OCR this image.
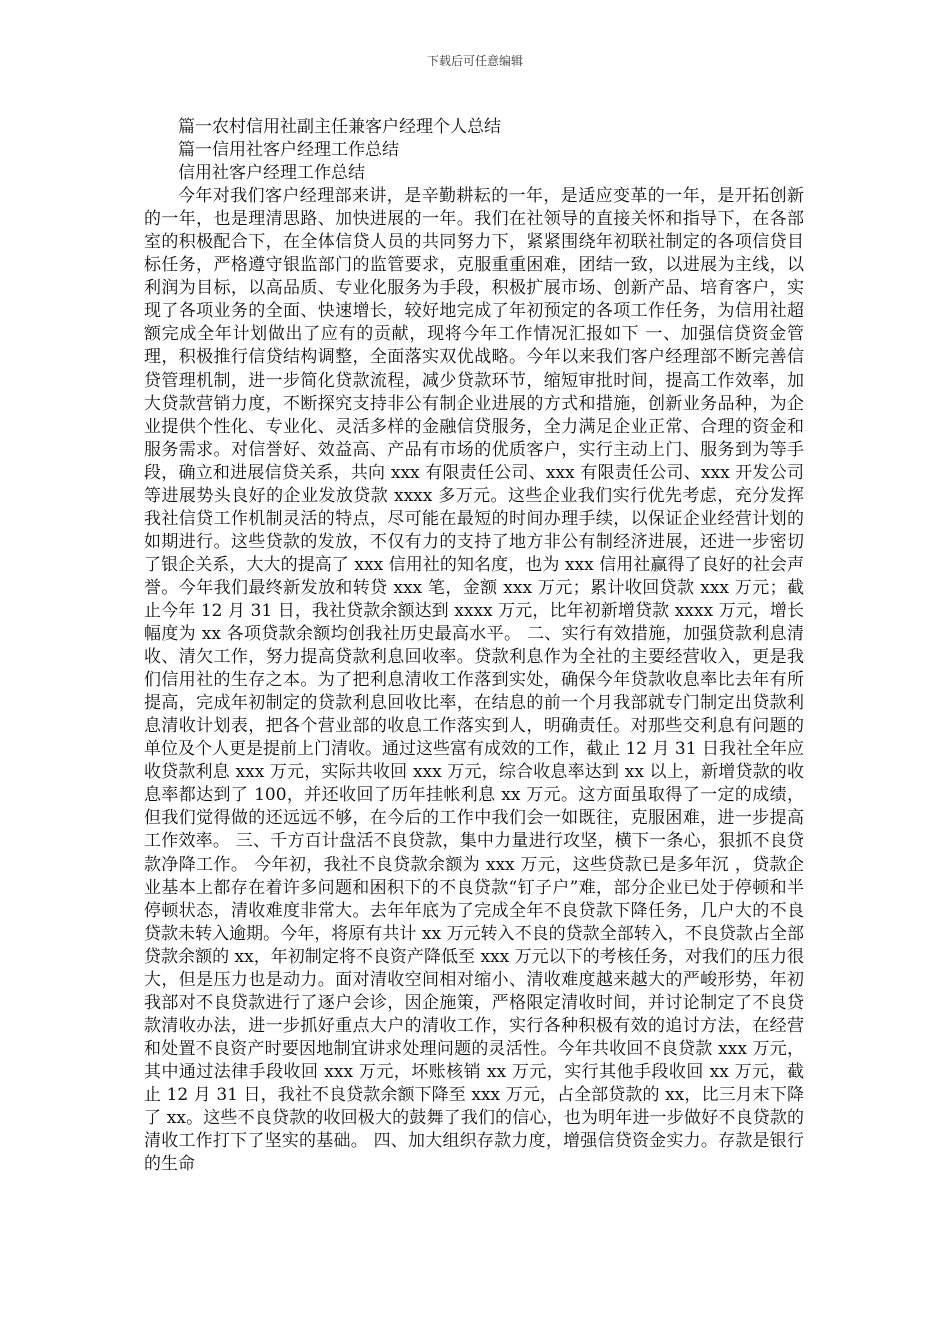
下载后可任意编辑
篇一农村信用社副主任兼客户经理个人总结
篇一信用社客户经理工作总结
信用社客户经理工作总结

今年对我们客户经理部来讲，是辛勤耕耘的一年，是适应变革的一年，是开拓创新的一年，也是理清思路、加快进展的一年。我们在社领导的直接关怀和指导下，在各部室的积极配合下，在全体信贷人员的共同努力下，紧紧围绕年初联社制定的各项信贷目标任务，严格遵守银监部门的监管要求，克服重重困难，团结一致，以进展为主线，以利润为目标，以高品质、专业化服务为手段，积极扩展市场、创新产品、培育客户，实现了各项业务的全面、快速增长，较好地完成了年初预定的各项工作任务，为信用社超额完成全年计划做出了应有的贡献，现将今年工作情况汇报如下 一、加强信贷资金管理，积极推行信贷结构调整，全面落实双优战略。今年以来我们客户经理部不断完善信贷管理机制，进一步简化贷款流程，减少贷款环节，缩短审批时间，提高工作效率，加大贷款营销力度，不断探究支持非公有制企业进展的方式和措施，创新业务品种，为企业提供个性化、专业化、灵活多样的金融信贷服务，全力满足企业正常、合理的资金和服务需求。对信誉好、效益高、产品有市场的优质客户，实行主动上门、服务到为等手段，确立和进展信贷关系，共向 xxx 有限责任公司、xxx 有限责任公司、xxx 开发公司等进展势头良好的企业发放贷款 xxxx 多万元。这些企业我们实行优先考虑，充分发挥我社信贷工作机制灵活的特点，尽可能在最短的时间办理手续，以保证企业经营计划的如期进行。这些贷款的发放，不仅有力的支持了地方非公有制经济进展，还进一步密切了银企关系，大大的提高了 xxx 信用社的知名度，也为 xxx 信用社赢得了良好的社会声誉。今年我们最终新发放和转贷 xxx 笔，金额 xxx 万元；累计收回贷款 xxx 万元；截止今年 12 月 31 日，我社贷款余额达到 xxxx 万元，比年初新增贷款 xxxx 万元，增长幅度为 xx 各项贷款余额均创我社历史最高水平。 二、实行有效措施，加强贷款利息清收、清欠工作，努力提高贷款利息回收率。贷款利息作为全社的主要经营收入，更是我们信用社的生存之本。为了把利息清收工作落到实处，确保今年贷款收息率比去年有所提高，完成年初制定的贷款利息回收比率，在结息的前一个月我部就专门制定出贷款利息清收计划表，把各个营业部的收息工作落实到人，明确责任。对那些交利息有问题的单位及个人更是提前上门清收。通过这些富有成效的工作，截止 12 月 31 日我社全年应收贷款利息 xxx 万元，实际共收回 xxx 万元，综合收息率达到 xx 以上，新增贷款的收息率都达到了 100，并还收回了历年挂帐利息 xx 万元。这方面虽取得了一定的成绩，但我们觉得做的还远远不够，在今后的工作中我们会一如既往，克服困难，进一步提高工作效率。 三、千方百计盘活不良贷款，集中力量进行攻坚，横下一条心，狠抓不良贷款净降工作。 今年初，我社不良贷款余额为 xxx 万元，这些贷款已是多年沉 ，贷款企业基本上都存在着许多问题和困积下的不良贷款“钉子户”难，部分企业已处于停顿和半停顿状态，清收难度非常大。去年年底为了完成全年不良贷款下降任务，几户大的不良贷款未转入逾期。今年，将原有共计 xx 万元转入不良的贷款全部转入，不良贷款占全部贷款余额的 xx，年初制定将不良资产降低至 xxx 万元以下的考核任务，对我们的压力很大，但是压力也是动力。面对清收空间相对缩小、清收难度越来越大的严峻形势，年初我部对不良贷款进行了逐户会诊，因企施策，严格限定清收时间，并讨论制定了不良贷款清收办法，进一步抓好重点大户的清收工作，实行各种积极有效的追讨方法，在经营和处置不良资产时要因地制宜讲求处理问题的灵活性。今年共收回不良贷款 xxx 万元，其中通过法律手段收回 xxx 万元，坏账核销 xx 万元，实行其他手段收回 xx 万元，截止 12 月 31 日，我社不良贷款余额下降至 xxx 万元，占全部贷款的 xx，比三月末下降了 xx。这些不良贷款的收回极大的鼓舞了我们的信心，也为明年进一步做好不良贷款的清收工作打下了坚实的基础。 四、加大组织存款力度，增强信贷资金实力。存款是银行的生命
